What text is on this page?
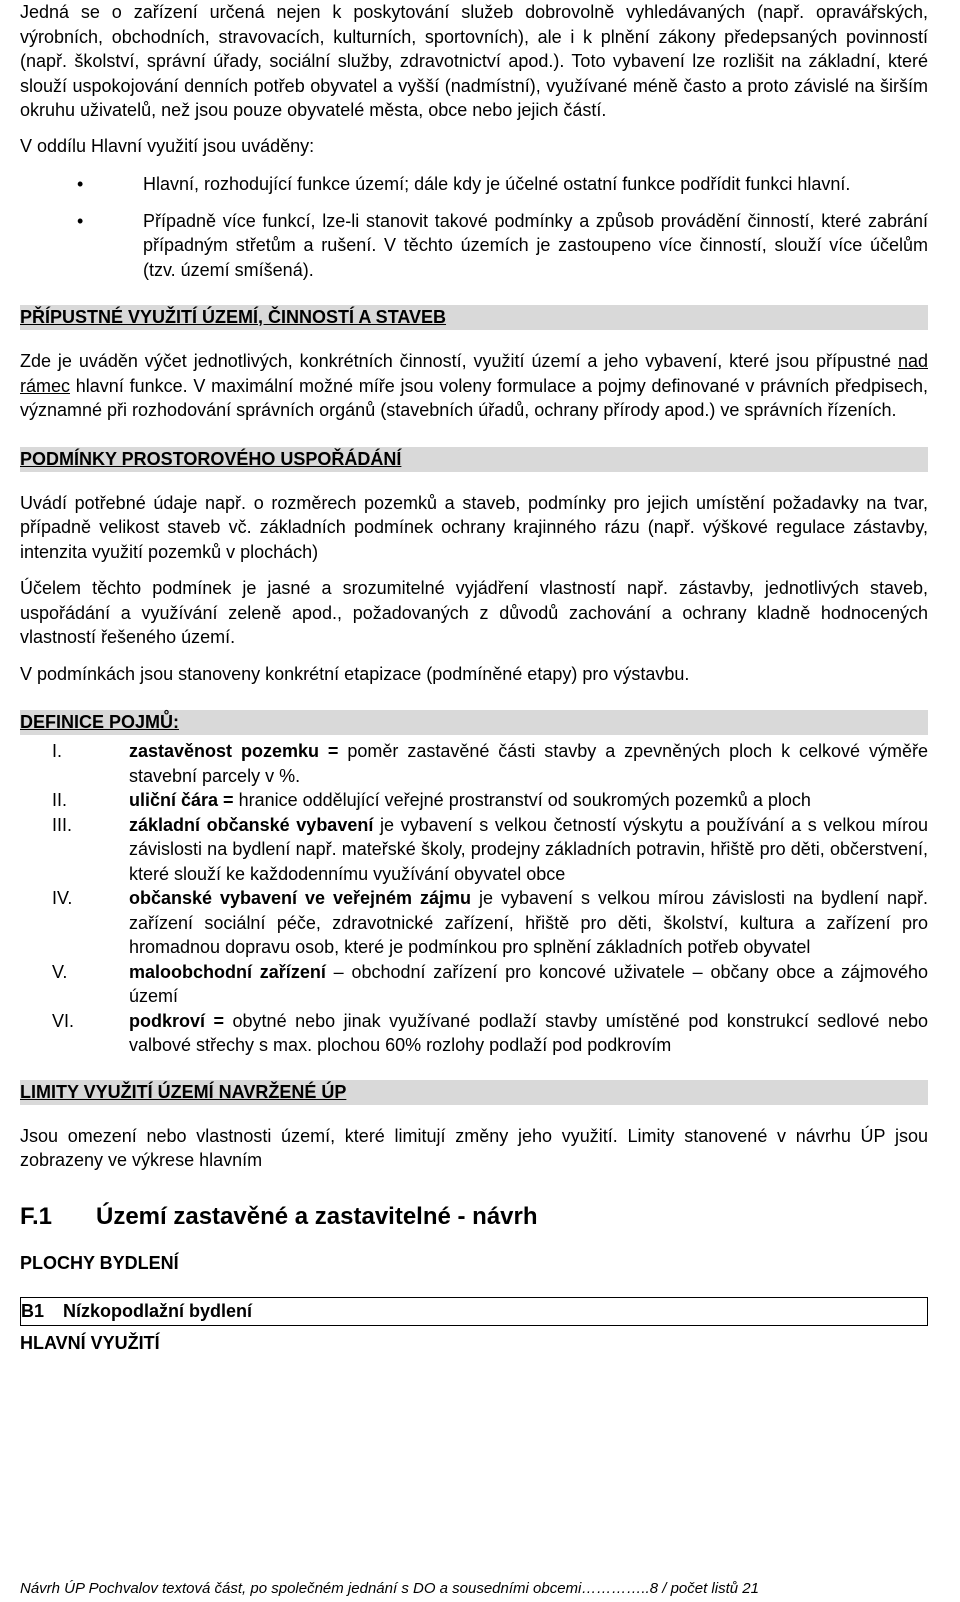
Jedná se o zařízení určená nejen k poskytování služeb dobrovolně vyhledávaných (např. opravářských, výrobních, obchodních, stravovacích, kulturních, sportovních), ale i k plnění zákony předepsaných povinností (např. školství, správní úřady, sociální služby, zdravotnictví apod.). Toto vybavení lze rozlišit na základní, které slouží uspokojování denních potřeb obyvatel a vyšší (nadmístní), využívané méně často a proto závislé na širším okruhu uživatelů, než jsou pouze obyvatelé města, obce nebo jejich částí.

V oddílu Hlavní využití jsou uváděny:

•	Hlavní, rozhodující funkce území; dále kdy je účelné ostatní funkce podřídit funkci hlavní.
•	Případně více funkcí, lze-li stanovit takové podmínky a způsob provádění činností, které zabrání případným střetům a rušení. V těchto územích je zastoupeno více činností, slouží více účelům (tzv. území smíšená).
PŘÍPUSTNÉ VYUŽITÍ ÚZEMÍ, ČINNOSTÍ A STAVEB

Zde je uváděn výčet jednotlivých, konkrétních činností, využití území a jeho vybavení, které jsou přípustné nad rámec hlavní funkce. V maximální možné míře jsou voleny formulace a pojmy definované v právních předpisech, významné při rozhodování správních orgánů (stavebních úřadů, ochrany přírody apod.) ve správních řízeních.

PODMÍNKY PROSTOROVÉHO USPOŘÁDÁNÍ

Uvádí potřebné údaje např. o rozměrech pozemků a staveb, podmínky pro jejich umístění požadavky na tvar, případně velikost staveb vč. základních podmínek ochrany krajinného rázu (např. výškové regulace zástavby, intenzita využití pozemků v plochách)

Účelem těchto podmínek je jasné a srozumitelné vyjádření vlastností např. zástavby, jednotlivých staveb, uspořádání a využívání zeleně apod., požadovaných z důvodů zachování a ochrany kladně hodnocených vlastností řešeného území.

V podmínkách jsou stanoveny konkrétní etapizace (podmíněné etapy) pro výstavbu.

DEFINICE POJMŮ:
I.	zastavěnost pozemku = poměr zastavěné části stavby a zpevněných ploch k celkové výměře stavební parcely v %.
II.	uliční čára = hranice oddělující veřejné prostranství od soukromých pozemků a ploch
III.	základní občanské vybavení je vybavení s velkou četností výskytu a používání a s velkou mírou závislosti na bydlení např. mateřské školy, prodejny základních potravin, hřiště pro děti, občerstvení, které slouží ke každodennímu využívání obyvatel obce
IV.	občanské vybavení ve veřejném zájmu je vybavení s velkou mírou závislosti na bydlení např. zařízení sociální péče, zdravotnické zařízení, hřiště pro děti, školství, kultura a zařízení pro hromadnou dopravu osob, které je podmínkou pro splnění základních potřeb obyvatel
V.	maloobchodní zařízení – obchodní zařízení pro koncové uživatele – občany obce a zájmového území
VI.	podkroví = obytné nebo jinak využívané podlaží stavby umístěné pod konstrukcí sedlové nebo valbové střechy s max. plochou 60% rozlohy podlaží pod podkrovím
LIMITY VYUŽITÍ ÚZEMÍ NAVRŽENÉ ÚP

Jsou omezení nebo vlastnosti území, které limitují změny jeho využití. Limity stanovené v návrhu ÚP jsou zobrazeny ve výkrese hlavním

F.1 Území zastavěné a zastavitelné - návrh
PLOCHY BYDLENÍ
B1 Nízkopodlažní bydlení
HLAVNÍ VYUŽITÍ
Návrh ÚP Pochvalov textová část, po společném jednání s DO a sousedními obcemi…………..8 / počet listů 21
